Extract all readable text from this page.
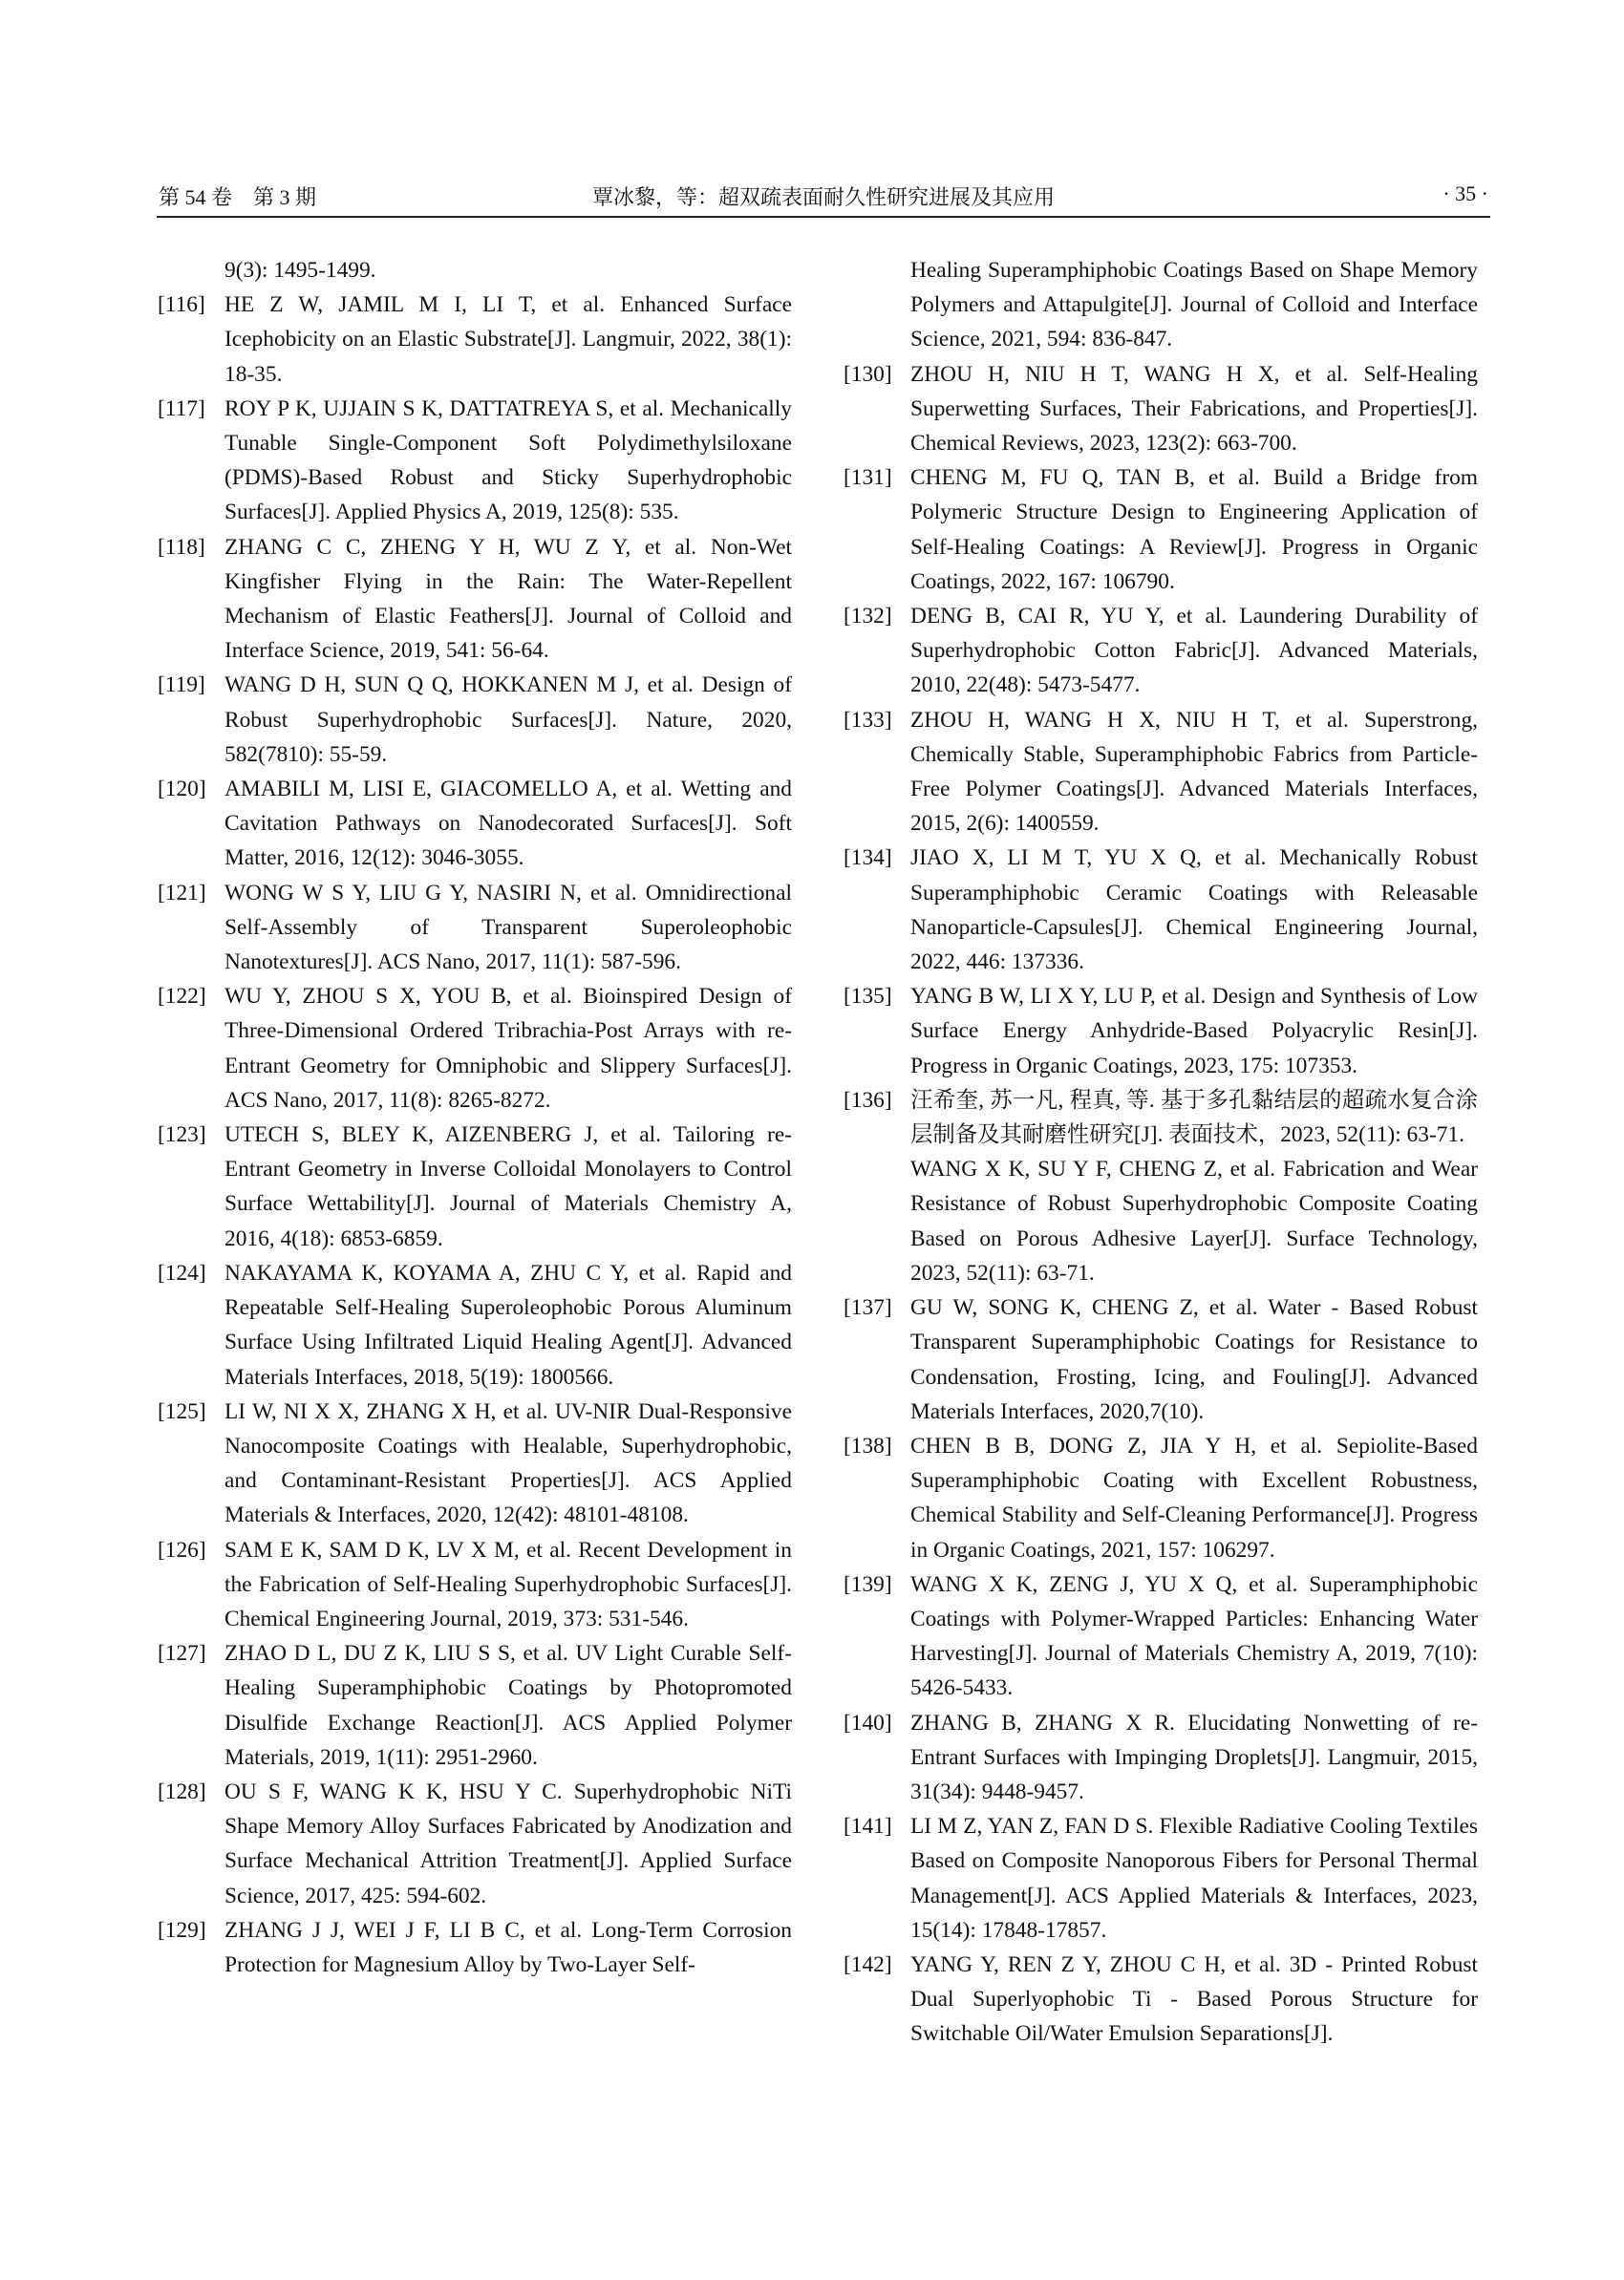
第 54 卷　第 3 期	覃冰黎，等：超双疏表面耐久性研究进展及其应用	· 35 ·
9(3): 1495-1499.
[116] HE Z W, JAMIL M I, LI T, et al. Enhanced Surface Icephobicity on an Elastic Substrate[J]. Langmuir, 2022, 38(1): 18-35.
[117] ROY P K, UJJAIN S K, DATTATREYA S, et al. Mechanically Tunable Single-Component Soft Polydimethylsiloxane (PDMS)-Based Robust and Sticky Superhydrophobic Surfaces[J]. Applied Physics A, 2019, 125(8): 535.
[118] ZHANG C C, ZHENG Y H, WU Z Y, et al. Non-Wet Kingfisher Flying in the Rain: The Water-Repellent Mechanism of Elastic Feathers[J]. Journal of Colloid and Interface Science, 2019, 541: 56-64.
[119] WANG D H, SUN Q Q, HOKKANEN M J, et al. Design of Robust Superhydrophobic Surfaces[J]. Nature, 2020, 582(7810): 55-59.
[120] AMABILI M, LISI E, GIACOMELLO A, et al. Wetting and Cavitation Pathways on Nanodecorated Surfaces[J]. Soft Matter, 2016, 12(12): 3046-3055.
[121] WONG W S Y, LIU G Y, NASIRI N, et al. Omnidirectional Self-Assembly of Transparent Superoleophobic Nanotextures[J]. ACS Nano, 2017, 11(1): 587-596.
[122] WU Y, ZHOU S X, YOU B, et al. Bioinspired Design of Three-Dimensional Ordered Tribrachia-Post Arrays with re-Entrant Geometry for Omniphobic and Slippery Surfaces[J]. ACS Nano, 2017, 11(8): 8265-8272.
[123] UTECH S, BLEY K, AIZENBERG J, et al. Tailoring re-Entrant Geometry in Inverse Colloidal Monolayers to Control Surface Wettability[J]. Journal of Materials Chemistry A, 2016, 4(18): 6853-6859.
[124] NAKAYAMA K, KOYAMA A, ZHU C Y, et al. Rapid and Repeatable Self-Healing Superoleophobic Porous Aluminum Surface Using Infiltrated Liquid Healing Agent[J]. Advanced Materials Interfaces, 2018, 5(19): 1800566.
[125] LI W, NI X X, ZHANG X H, et al. UV-NIR Dual-Responsive Nanocomposite Coatings with Healable, Superhydrophobic, and Contaminant-Resistant Properties[J]. ACS Applied Materials & Interfaces, 2020, 12(42): 48101-48108.
[126] SAM E K, SAM D K, LV X M, et al. Recent Development in the Fabrication of Self-Healing Superhydrophobic Surfaces[J]. Chemical Engineering Journal, 2019, 373: 531-546.
[127] ZHAO D L, DU Z K, LIU S S, et al. UV Light Curable Self-Healing Superamphiphobic Coatings by Photopromoted Disulfide Exchange Reaction[J]. ACS Applied Polymer Materials, 2019, 1(11): 2951-2960.
[128] OU S F, WANG K K, HSU Y C. Superhydrophobic NiTi Shape Memory Alloy Surfaces Fabricated by Anodization and Surface Mechanical Attrition Treatment[J]. Applied Surface Science, 2017, 425: 594-602.
[129] ZHANG J J, WEI J F, LI B C, et al. Long-Term Corrosion Protection for Magnesium Alloy by Two-Layer Self-
Healing Superamphiphobic Coatings Based on Shape Memory Polymers and Attapulgite[J]. Journal of Colloid and Interface Science, 2021, 594: 836-847.
[130] ZHOU H, NIU H T, WANG H X, et al. Self-Healing Superwetting Surfaces, Their Fabrications, and Properties[J]. Chemical Reviews, 2023, 123(2): 663-700.
[131] CHENG M, FU Q, TAN B, et al. Build a Bridge from Polymeric Structure Design to Engineering Application of Self-Healing Coatings: A Review[J]. Progress in Organic Coatings, 2022, 167: 106790.
[132] DENG B, CAI R, YU Y, et al. Laundering Durability of Superhydrophobic Cotton Fabric[J]. Advanced Materials, 2010, 22(48): 5473-5477.
[133] ZHOU H, WANG H X, NIU H T, et al. Superstrong, Chemically Stable, Superamphiphobic Fabrics from Particle-Free Polymer Coatings[J]. Advanced Materials Interfaces, 2015, 2(6): 1400559.
[134] JIAO X, LI M T, YU X Q, et al. Mechanically Robust Superamphiphobic Ceramic Coatings with Releasable Nanoparticle-Capsules[J]. Chemical Engineering Journal, 2022, 446: 137336.
[135] YANG B W, LI X Y, LU P, et al. Design and Synthesis of Low Surface Energy Anhydride-Based Polyacrylic Resin[J]. Progress in Organic Coatings, 2023, 175: 107353.
[136] 汪希奎, 苏一凡, 程真, 等. 基于多孔黏结层的超疏水复合涂层制备及其耐磨性研究[J]. 表面技术，2023, 52(11): 63-71.
WANG X K, SU Y F, CHENG Z, et al. Fabrication and Wear Resistance of Robust Superhydrophobic Composite Coating Based on Porous Adhesive Layer[J]. Surface Technology, 2023, 52(11): 63-71.
[137] GU W, SONG K, CHENG Z, et al. Water - Based Robust Transparent Superamphiphobic Coatings for Resistance to Condensation, Frosting, Icing, and Fouling[J]. Advanced Materials Interfaces, 2020,7(10).
[138] CHEN B B, DONG Z, JIA Y H, et al. Sepiolite-Based Superamphiphobic Coating with Excellent Robustness, Chemical Stability and Self-Cleaning Performance[J]. Progress in Organic Coatings, 2021, 157: 106297.
[139] WANG X K, ZENG J, YU X Q, et al. Superamphiphobic Coatings with Polymer-Wrapped Particles: Enhancing Water Harvesting[J]. Journal of Materials Chemistry A, 2019, 7(10): 5426-5433.
[140] ZHANG B, ZHANG X R. Elucidating Nonwetting of re-Entrant Surfaces with Impinging Droplets[J]. Langmuir, 2015, 31(34): 9448-9457.
[141] LI M Z, YAN Z, FAN D S. Flexible Radiative Cooling Textiles Based on Composite Nanoporous Fibers for Personal Thermal Management[J]. ACS Applied Materials & Interfaces, 2023, 15(14): 17848-17857.
[142] YANG Y, REN Z Y, ZHOU C H, et al. 3D - Printed Robust Dual Superlyophobic Ti - Based Porous Structure for Switchable Oil/Water Emulsion Separations[J].
